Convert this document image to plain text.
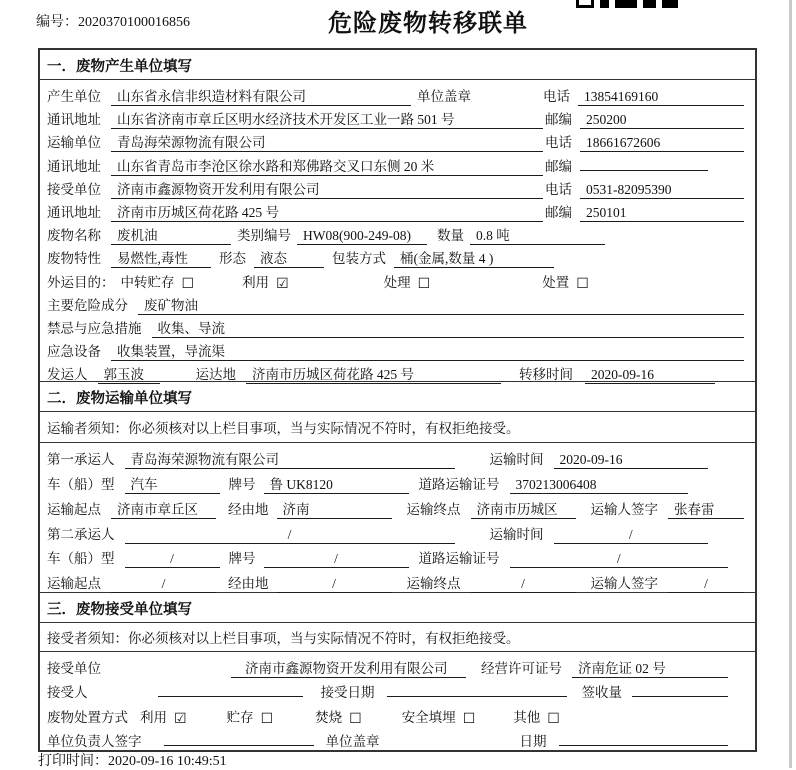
编号：2020370100016856	危险废物转移联单
一．废物产生单位填写
产生单位	山东省永信非织造材料有限公司	单位盖章	电话	13854169160
通讯地址	山东省济南市章丘区明水经济技术开发区工业一路 501 号	邮编	250200
运输单位	青岛海荣源物流有限公司	电话	18661672606
通讯地址	山东省青岛市李沧区徐水路和郑佛路交叉口东侧 20 米	邮编
接受单位	济南市鑫源物资开发利用有限公司	电话	0531-82095390
通讯地址	济南市历城区荷花路 425 号	邮编	250101
废物名称	废机油	类别编号 HW08(900-249-08)	数量 0.8 吨
废物特性	易燃性,毒性	形态	液态	包装方式	桶(金属,数量 4 )
外运目的： 中转贮存 ☐	利用 ☑	处理 ☐	处置 ☐
主要危险成分	废矿物油
禁忌与应急措施	收集、导流
应急设备	收集装置，导流渠
发运人	郭玉波	运达地	济南市历城区荷花路 425 号	转移时间	2020-09-16
二．废物运输单位填写
运输者须知：你必须核对以上栏目事项，当与实际情况不符时，有权拒绝接受。
第一承运人	青岛海荣源物流有限公司	运输时间	2020-09-16
车（船）型	汽车	牌号	鲁 UK8120	道路运输证号	370213006408
运输起点	济南市章丘区	经由地	济南	运输终点	济南市历城区	运输人签字	张春雷
第二承运人	/	运输时间	/
车（船）型	/	牌号	/	道路运输证号	/
运输起点	/	经由地	/	运输终点	/	运输人签字	/
三．废物接受单位填写
接受者须知：你必须核对以上栏目事项，当与实际情况不符时，有权拒绝接受。
接受单位	济南市鑫源物资开发利用有限公司	经营许可证号	济南危证 02 号
接受人	接受日期	签收量
废物处置方式 利用 ☑	贮存 ☐	焚烧 ☐	安全填埋 ☐	其他 ☐
单位负责人签字	单位盖章	日期
打印时间：2020-09-16 10:49:51
